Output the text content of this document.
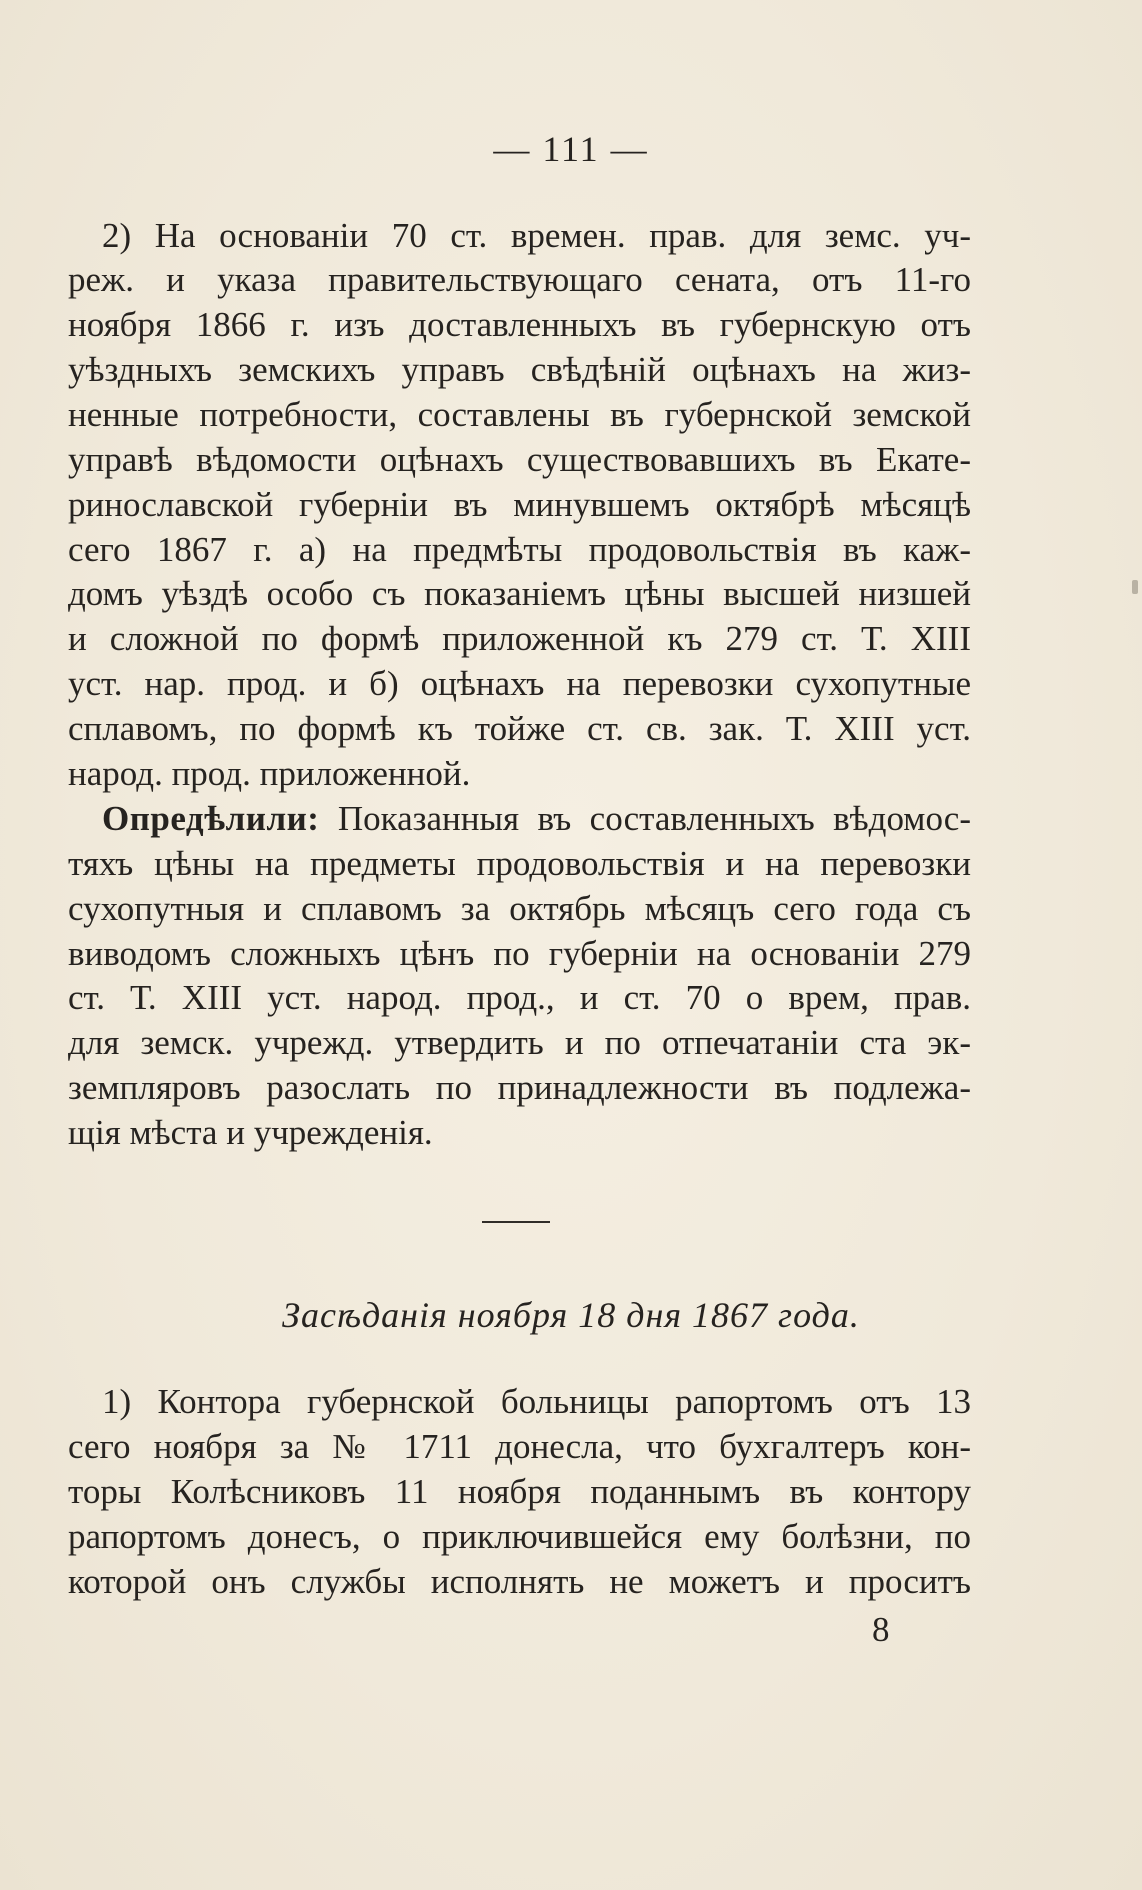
— 111 —
2) На основанiи 70 ст. времен. прав. для земс. уч-
реж. и указа правительствующаго сената, отъ 11-го
ноября 1866 г. изъ доставленныхъ въ губернскую отъ
уѣздныхъ земскихъ управъ свѣдѣнiй оцѣнахъ на жиз-
ненные потребности, составлены въ губернской земской
управѣ вѣдомости оцѣнахъ существовавшихъ въ Екате-
ринославской губернiи въ минувшемъ октябрѣ мѣсяцѣ
сего 1867 г. а) на предмѣты продовольствiя въ каж-
домъ уѣздѣ особо съ показанiемъ цѣны высшей низшей
и сложной по формѣ приложенной къ 279 ст. Т. XIII
уст. нар. прод. и б) оцѣнахъ на перевозки сухопутные
сплавомъ, по формѣ къ тойже ст. св. зак. Т. XIII уст.
народ. прод. приложенной.
Опредѣлили: Показанныя въ составленныхъ вѣдомос-
тяхъ цѣны на предметы продовольствiя и на перевозки
сухопутныя и сплавомъ за октябрь мѣсяцъ сего года съ
виводомъ сложныхъ цѣнъ по губернiи на основанiи 279
ст. Т. XIII уст. народ. прод., и ст. 70 о врем, прав.
для земск. учрежд. утвердить и по отпечатанiи ста эк-
земпляровъ разослать по принадлежности въ подлежа-
щiя мѣста и учрежденiя.
Засѣданiя ноября 18 дня 1867 года.
1) Контора губернской больницы рапортомъ отъ 13
сего ноября за № 1711 донесла, что бухгалтеръ кон-
торы Колѣсниковъ 11 ноября поданнымъ въ контору
рапортомъ донесъ, о приключившейся ему болѣзни, по
которой онъ службы исполнять не можетъ и проситъ
8
